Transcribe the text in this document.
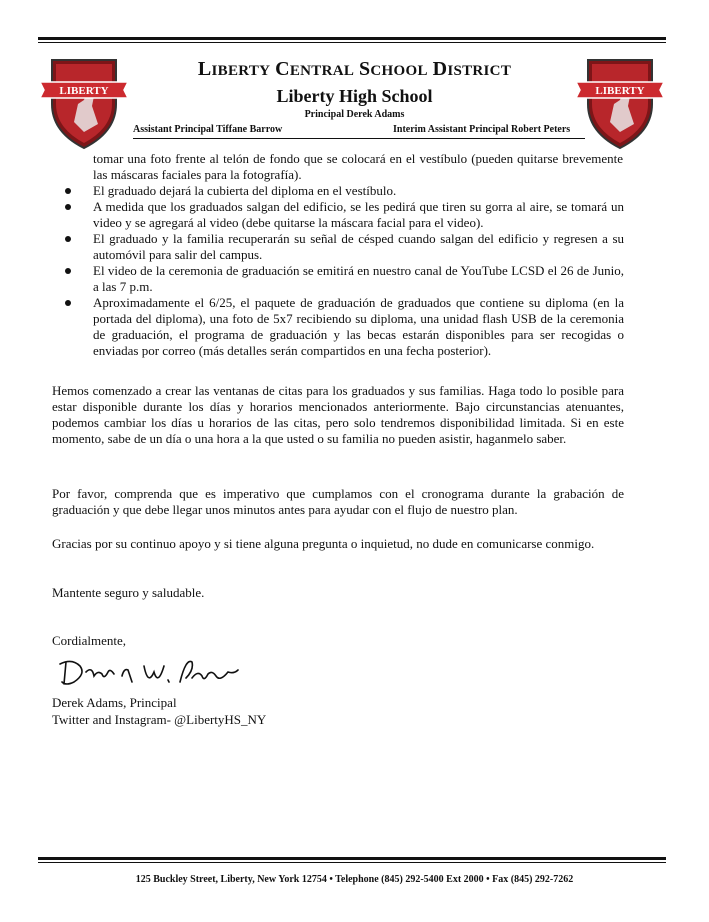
LIBERTY	LIBERTY
LIBERTY CENTRAL SCHOOL DISTRICT
Liberty High School
Principal Derek Adams
Assistant Principal Tiffane Barrow	Interim Assistant Principal Robert Peters
tomar una foto frente al telón de fondo que se colocará en el vestíbulo (pueden quitarse brevemente las máscaras faciales para la fotografía).
El graduado dejará la cubierta del diploma en el vestíbulo.
A medida que los graduados salgan del edificio, se les pedirá que tiren su gorra al aire, se tomará un video y se agregará al video (debe quitarse la máscara facial para el video).
El graduado y la familia recuperarán su señal de césped cuando salgan del edificio y regresen a su automóvil para salir del campus.
El video de la ceremonia de graduación se emitirá en nuestro canal de YouTube LCSD el 26 de Junio, a las 7 p.m.
Aproximadamente el 6/25, el paquete de graduación de graduados que contiene su diploma (en la portada del diploma), una foto de 5x7 recibiendo su diploma, una unidad flash USB de la ceremonia de graduación, el programa de graduación y las becas estarán disponibles para ser recogidas o enviadas por correo (más detalles serán compartidos en una fecha posterior).
Hemos comenzado a crear las ventanas de citas para los graduados y sus familias. Haga todo lo posible para estar disponible durante los días y horarios mencionados anteriormente. Bajo circunstancias atenuantes, podemos cambiar los días u horarios de las citas, pero solo tendremos disponibilidad limitada. Si en este momento, sabe de un día o una hora a la que usted o su familia no pueden asistir, haganmelo saber.
Por favor, comprenda que es imperativo que cumplamos con el cronograma durante la grabación de graduación y que debe llegar unos minutos antes para ayudar con el flujo de nuestro plan.
Gracias por su continuo apoyo y si tiene alguna pregunta o inquietud, no dude en comunicarse conmigo.
Mantente seguro y saludable.
Cordialmente,
Derek Adams, Principal
Twitter and Instagram- @LibertyHS_NY
125 Buckley Street, Liberty, New York 12754 • Telephone (845) 292-5400 Ext 2000 • Fax (845) 292-7262
